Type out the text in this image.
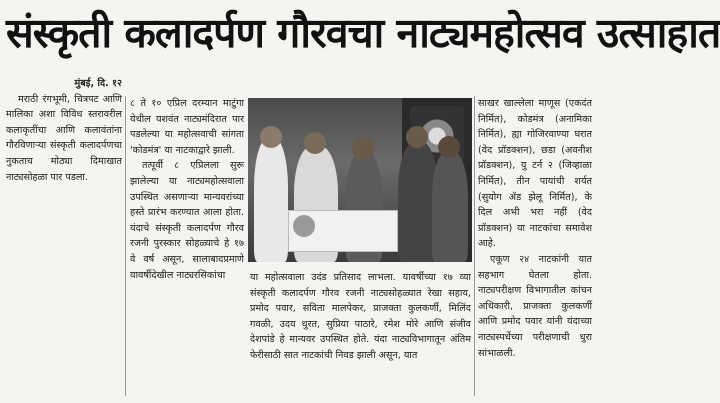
संस्कृती कलादर्पण गौरवचा नाट्यमहोत्सव उत्साहात

मुंबई, दि. १२

मराठी रंगभूमी, चित्रपट आणि मालिका अशा विविध स्तरावरील कलाकृतींचा आणि कलावंतांना गौरविणाऱ्या संस्कृती कलादर्पणचा नुकताच मोठ्या दिमाखात नाट्यसोहळा पार पडला.

८ ते १० एप्रिल दरम्यान माटुंगा येथील यशवंत नाट्यमंदिरात पार पडलेल्या या महोत्सवाची सांगता 'कोडमंत्र' या नाटकाद्वारे झाली.

तत्पूर्वी ८ एप्रिलला सुरू झालेल्या या नाट्यमहोत्सवाला उपस्थित असणाऱ्या मान्यवरांच्या हस्ते प्रारंभ करण्यात आला होता. यंदाचे संस्कृती कलादर्पण गौरव रजनी पुरस्कार सोहळ्याचे हे १७ वे वर्ष असून, सालाबादप्रमाणे यावर्षीदेखील नाट्यरसिकांचा	या महोत्सवाला उदंड प्रतिसाद लाभला. यावर्षीच्या १७ व्या संस्कृती कलादर्पण गौरव रजनी नाट्यसोहळ्यात रेखा सहाय, प्रमोद पवार, सविता मालपेकर, प्राजक्ता कुलकर्णी, मिलिंद गवळी, उदय धुरत, सुप्रिया पाठारे, रमेश मोरे आणि संजीव देशपांडे हे मान्यवर उपस्थित होते. यंदा नाट्यविभागातून अंतिम फेरीसाठी सात नाटकांची निवड झाली असून, यात

साखर खाल्लेला माणूस (एकदंत निर्मित), कोडमंत्र (अनामिका निर्मित), ह्या गोजिरवाण्या घरात (वेद प्रॉडक्शन), छडा (अवनीश प्रॉडक्शन), यु टर्न २ (जिव्हाळा निर्मित), तीन पायांची शर्यत (सुयोग ॲड झेलू निर्मित), के दिल अभी भरा नहीं (वेद प्रॉडक्शन) या नाटकांचा समावेश आहे.

एकूण २४ नाटकांनी यात सहभाग घेतला होता. नाट्यपरीक्षण विभागातील कांचन अधिकारी, प्राजक्ता कुलकर्णी आणि प्रमोद पवार यांनी यंदाच्या नाट्यस्पर्धेच्या परीक्षणाची धुरा सांभाळली.
